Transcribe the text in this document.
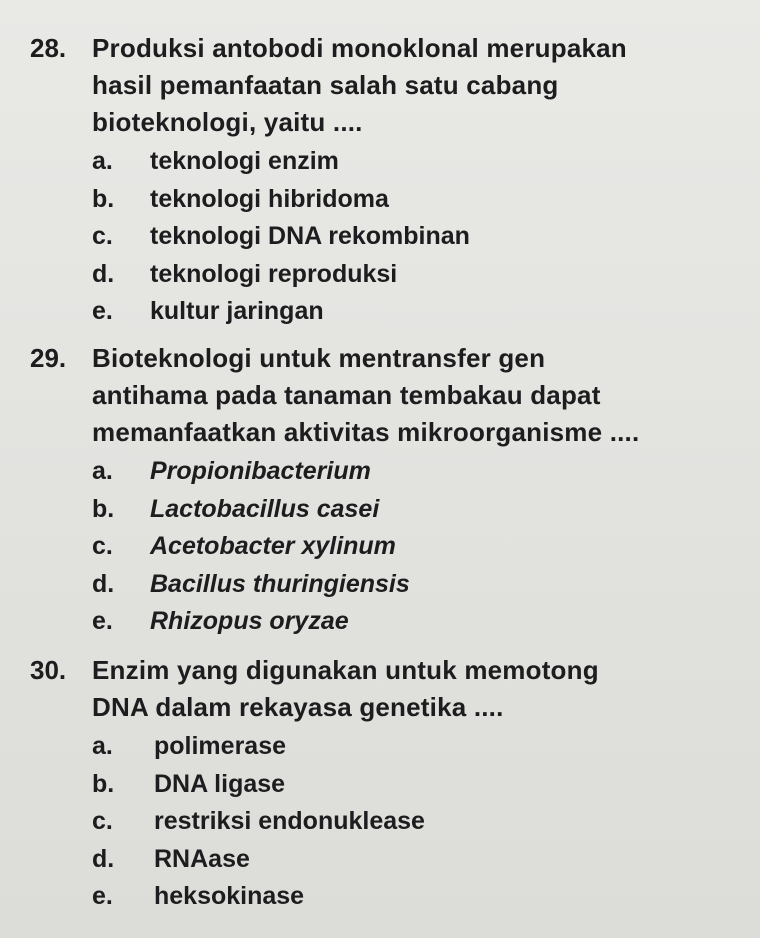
28. Produksi antobodi monoklonal merupakan
hasil pemanfaatan salah satu cabang
bioteknologi, yaitu ....
a.	teknologi enzim
b.	teknologi hibridoma
c.	teknologi DNA rekombinan
d.	teknologi reproduksi
e.	kultur jaringan
29. Bioteknologi untuk mentransfer gen
antihama pada tanaman tembakau dapat
memanfaatkan aktivitas mikroorganisme ....
a.	Propionibacterium
b.	Lactobacillus casei
c.	Acetobacter xylinum
d.	Bacillus thuringiensis
e.	Rhizopus oryzae
30. Enzim yang digunakan untuk memotong
DNA dalam rekayasa genetika ....
a.	polimerase
b.	DNA ligase
c.	restriksi endonuklease
d.	RNAase
e.	heksokinase
